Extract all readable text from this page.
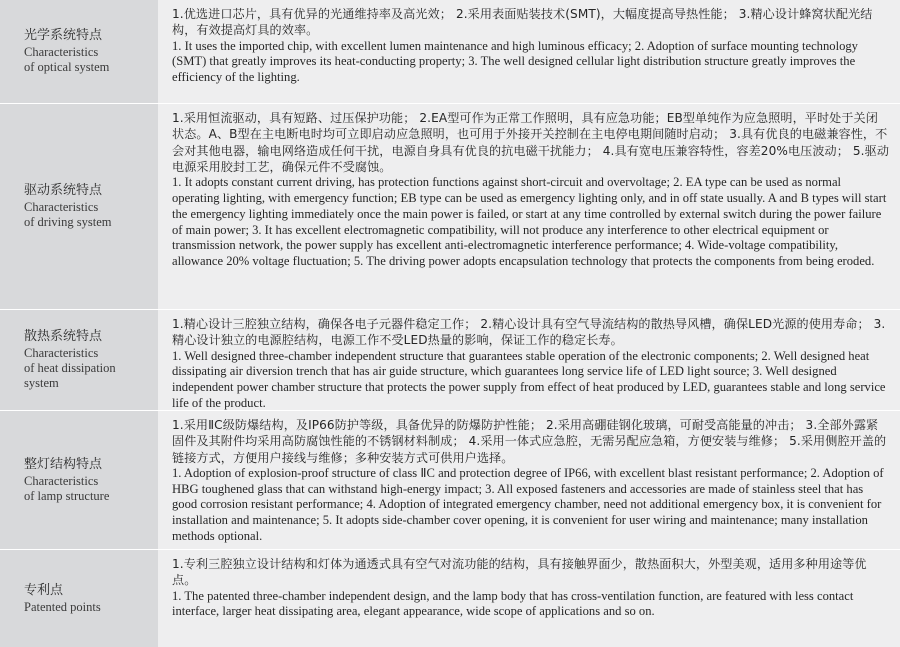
光学系统特点
Characteristics
of optical system

1.优选进口芯片，具有优异的光通维持率及高光效； 2.采用表面贴装技术(SMT)，大幅度提高导热性能； 3.精心设计蜂窝状配光结构，有效提高灯具的效率。

1. It uses the imported chip, with excellent lumen maintenance and high luminous efficacy; 2. Adoption of surface mounting technology (SMT) that greatly improves its heat-conducting property; 3. The well designed cellular light distribution structure greatly improves the efficiency of the lighting.

驱动系统特点
Characteristics
of driving system

1.采用恒流驱动，具有短路、过压保护功能； 2.EA型可作为正常工作照明，具有应急功能；EB型单纯作为应急照明，平时处于关闭状态。A、B型在主电断电时均可立即启动应急照明，也可用于外接开关控制在主电停电期间随时启动； 3.具有优良的电磁兼容性，不会对其他电器，输电网络造成任何干扰，电源自身具有优良的抗电磁干扰能力； 4.具有宽电压兼容特性，容差20%电压波动； 5.驱动电源采用胶封工艺，确保元件不受腐蚀。

1. It adopts constant current driving, has protection functions against short-circuit and overvoltage; 2. EA type can be used as normal operating lighting, with emergency function; EB type can be used as emergency lighting only, and in off state usually. A and B types will start the emergency lighting immediately once the main power is failed, or start at any time controlled by external switch during the power failure of main power; 3. It has excellent electromagnetic compatibility, will not produce any interference to other electrical equipment or transmission network, the power supply has excellent anti-electromagnetic interference performance; 4. Wide-voltage compatibility, allowance 20% voltage fluctuation; 5. The driving power adopts encapsulation technology that protects the components from being eroded.

散热系统特点
Characteristics
of heat dissipation
system

1.精心设计三腔独立结构，确保各电子元器件稳定工作； 2.精心设计具有空气导流结构的散热导风槽，确保LED光源的使用寿命； 3.精心设计独立的电源腔结构，电源工作不受LED热量的影响，保证工作的稳定长寿。

1. Well designed three-chamber independent structure that guarantees stable operation of the electronic components; 2. Well designed heat dissipating air diversion trench that has air guide structure, which guarantees long service life of LED light source; 3. Well designed independent power chamber structure that protects the power supply from effect of heat produced by LED, guarantees stable and long service life of the product.

整灯结构特点
Characteristics
of lamp structure

1.采用ⅡC级防爆结构，及IP66防护等级，具备优异的防爆防护性能； 2.采用高硼硅钢化玻璃，可耐受高能量的冲击； 3.全部外露紧固件及其附件均采用高防腐蚀性能的不锈钢材料制成； 4.采用一体式应急腔，无需另配应急箱，方便安装与维修； 5.采用侧腔开盖的链接方式，方便用户接线与维修；多种安装方式可供用户选择。

1. Adoption of explosion-proof structure of class ⅡC and protection degree of IP66, with excellent blast resistant performance; 2. Adoption of HBG toughened glass that can withstand high-energy impact; 3. All exposed fasteners and accessories are made of stainless steel that has good corrosion resistant performance; 4. Adoption of integrated emergency chamber, need not additional emergency box, it is convenient for installation and maintenance; 5. It adopts side-chamber cover opening, it is convenient for user wiring and maintenance; many installation methods optional.

专利点
Patented points

1.专利三腔独立设计结构和灯体为通透式具有空气对流功能的结构，具有接触界面少，散热面积大，外型美观，适用多种用途等优点。

1. The patented three-chamber independent design, and the lamp body that has cross-ventilation function, are featured with less contact interface, larger heat dissipating area, elegant appearance, wide scope of applications and so on.
